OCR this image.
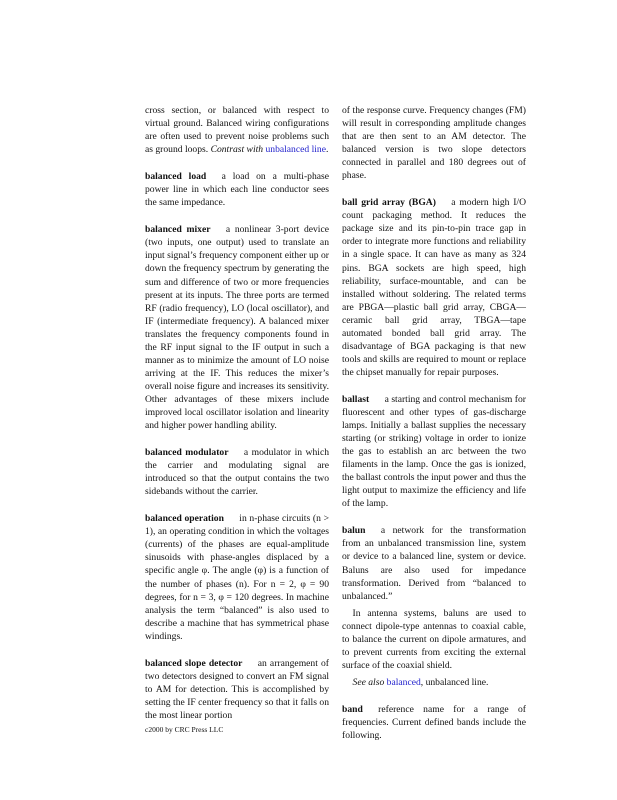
cross section, or balanced with respect to virtual ground. Balanced wiring configurations are often used to prevent noise problems such as ground loops. Contrast with unbalanced line.

balanced load a load on a multi-phase power line in which each line conductor sees the same impedance.

balanced mixer a nonlinear 3-port device (two inputs, one output) used to translate an input signal’s frequency component either up or down the frequency spectrum by generating the sum and difference of two or more frequencies present at its inputs. The three ports are termed RF (radio frequency), LO (local oscillator), and IF (intermediate frequency). A balanced mixer translates the frequency components found in the RF input signal to the IF output in such a manner as to minimize the amount of LO noise arriving at the IF. This reduces the mixer’s overall noise figure and increases its sensitivity. Other advantages of these mixers include improved local oscillator isolation and linearity and higher power handling ability.

balanced modulator a modulator in which the carrier and modulating signal are introduced so that the output contains the two sidebands without the carrier.

balanced operation in n-phase circuits (n > 1), an operating condition in which the voltages (currents) of the phases are equal-amplitude sinusoids with phase-angles displaced by a specific angle φ. The angle (φ) is a function of the number of phases (n). For n = 2, φ = 90 degrees, for n = 3, φ = 120 degrees. In machine analysis the term “balanced” is also used to describe a machine that has symmetrical phase windings.

balanced slope detector an arrangement of two detectors designed to convert an FM signal to AM for detection. This is accomplished by setting the IF center frequency so that it falls on the most linear portion

of the response curve. Frequency changes (FM) will result in corresponding amplitude changes that are then sent to an AM detector. The balanced version is two slope detectors connected in parallel and 180 degrees out of phase.

ball grid array (BGA) a modern high I/O count packaging method. It reduces the package size and its pin-to-pin trace gap in order to integrate more functions and reliability in a single space. It can have as many as 324 pins. BGA sockets are high speed, high reliability, surface-mountable, and can be installed without soldering. The related terms are PBGA—plastic ball grid array, CBGA—ceramic ball grid array, TBGA—tape automated bonded ball grid array. The disadvantage of BGA packaging is that new tools and skills are required to mount or replace the chipset manually for repair purposes.

ballast a starting and control mechanism for fluorescent and other types of gas-discharge lamps. Initially a ballast supplies the necessary starting (or striking) voltage in order to ionize the gas to establish an arc between the two filaments in the lamp. Once the gas is ionized, the ballast controls the input power and thus the light output to maximize the efficiency and life of the lamp.

balun a network for the transformation from an unbalanced transmission line, system or device to a balanced line, system or device. Baluns are also used for impedance transformation. Derived from “balanced to unbalanced.”

In antenna systems, baluns are used to connect dipole-type antennas to coaxial cable, to balance the current on dipole armatures, and to prevent currents from exciting the external surface of the coaxial shield.

See also balanced, unbalanced line.

band reference name for a range of frequencies. Current defined bands include the following.

c2000 by CRC Press LLC
